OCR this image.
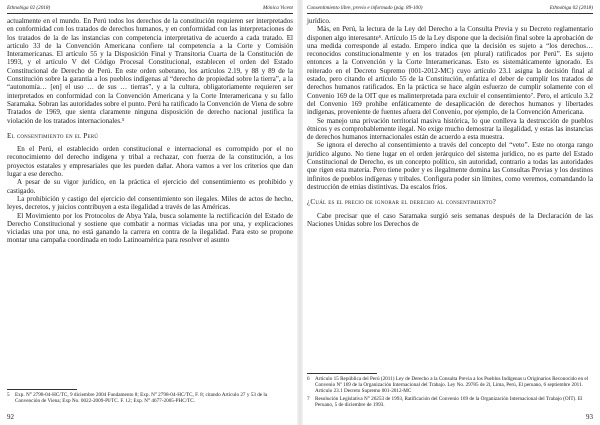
Ethnobiga 02 (2018)	Mónica Vicent

actualmente en el mundo. En Perú todos los derechos de la constitución requieren ser interpretados en conformidad con los tratados de derechos humanos, y en conformidad con las interpretaciones de los tratados de la de las instancias con competencia interpretativa de acuerdo a cada tratado. El artículo 33 de la Convención Americana confiere tal competencia a la Corte y Comisión Interamericanas. El artículo 55 y la Disposición Final y Transitoria Cuarta de la Constitución de 1993, y el artículo V del Código Procesal Constitucional, establecen el orden del Estado Constitucional de Derecho de Perú. En este orden soberano, los artículos 2.19, y 88 y 89 de la Constitución sobre la garantía a los pueblos indígenas al “derecho de propiedad sobre la tierra”, a la “autonomía… [en] el uso … de sus … tierras”, y a la cultura, obligatoriamente requieren ser interpretados en conformidad con la Convención Americana y la Corte Interamericana y su fallo Saramaka. Sobran las autoridades sobre el punto. Perú ha ratificado la Convención de Viena de sobre Tratados de 1969, que sienta claramente ninguna disposición de derecho nacional justifica la violación de los tratados internacionales.⁵

El consentimiento en el Perú

En el Perú, el establecido orden constitucional e internacional es corrompido por el no reconocimiento del derecho indígena y tribal a rechazar, con fuerza de la constitución, a los proyectos estatales y empresariales que les pueden dañar. Ahora vamos a ver los criterios que dan lugar a ese derecho.

A pesar de su vigor jurídico, en la práctica el ejercicio del consentimiento es prohibido y castigado.

La prohibición y castigo del ejercicio del consentimiento son ilegales. Miles de actos de hecho, leyes, decretos, y juicios contribuyen a esta ilegalidad a través de las Américas.

El Movimiento por los Protocolos de Abya Yala, busca solamente la rectificación del Estado de Derecho Constitucional y sostiene que combatir a normas viciadas una por una, y explicaciones viciadas una por una, no está ganando la carrera en contra de la ilegalidad. Para esto se propone montar una campaña coordinada en todo Latinoamérica para resolver el asunto

5	Exp. N° 2798-04-HC/TC, 9 diciembre 2004 Fundamento 8; Exp. N° 2798-04-HC/TC, F. 8; citando Artículo 27 y 53 de la Convención de Viena; Exp No. 0022-2009-PI/TC. F. 12; Exp. N° 4677-2005-PHC/TC.
92
Consentimiento libre, previo e informado (pág. 89-100)	Ethnobiga 02 (2018)

jurídico.

Más, en Perú, la lectura de la Ley del Derecho a la Consulta Previa y su Decreto reglamentario disponen algo interesante⁶. Artículo 15 de la Ley dispone que la decisión final sobre la aprobación de una medida corresponde al estado. Empero indica que la decisión es sujeto a “los derechos… reconocidos constitucionalmente y en los tratados (en plural) ratificados por Perú”. Es sujeto entonces a la Convención y la Corte Interamericanas. Esto es sistemáticamente ignorado. Es reiterado en el Decreto Supremo (001-2012-MC) cuyo artículo 23.1 asigna la decisión final al estado, pero citando el artículo 55 de la Constitución, enfatiza el deber de cumplir los tratados de derechos humanos ratificados. En la práctica se hace algún esfuerzo de cumplir solamente con el Convenio 169 de la OIT que es malinterpretada para excluir el consentimiento⁷. Pero, el artículo 3.2 del Convenio 169 prohíbe enfáticamente de desaplicación de derechos humanos y libertades indígenas, proveniente de fuentes afuera del Convenio, por ejemplo, de la Convención Americana.

Se manejo una privación territorial masiva histórica, lo que conlleva la destrucción de pueblos étnicos y es comprobablemente ilegal. No exige mucho demostrar la ilegalidad, y estas las instancias de derechos humanos internacionales están de acuerdo a esta muestra.

Se ignora el derecho al consentimiento a través del concepto del “veto”. Este no otorga rango jurídico alguno. No tiene lugar en el orden jerárquico del sistema jurídico, no es parte del Estado Constitucional de Derecho, es un concepto político, sin autoridad, contrario a todas las autoridades que rigen esta materia. Pero tiene poder y es ilegalmente domina las Consultas Previas y los destinos infinitos de pueblos indígenas y tribales. Configura poder sin límites, como veremos, comandando la destrucción de etnias distintivas. Da escalos fríos.

¿Cuál es el precio de ignorar el derecho al consentimiento?

Cabe precisar que el caso Saramaka surgió seis semanas después de la Declaración de las Naciones Unidas sobre los Derechos de

6	Artículo 15 República del Perú (2011) Ley de Derecho a la Consulta Previa a los Pueblos Indígenas u Originarios Reconocido en el Convenio Nº 169 de la Organización Internacional del Trabajo. Ley No. 29785 de 2l, Lima, Perú, El peruano, 6 septiembre 2011. Artículo 23.1 Decreto Supremo 001-2012-MC
7	Resolución Legislativa N° 26253 de 1993, Ratificación del Convenio 169 de la Organización Internacional del Trabajo (OIT). El Peruano, 5 de diciembre de 1993.
93
